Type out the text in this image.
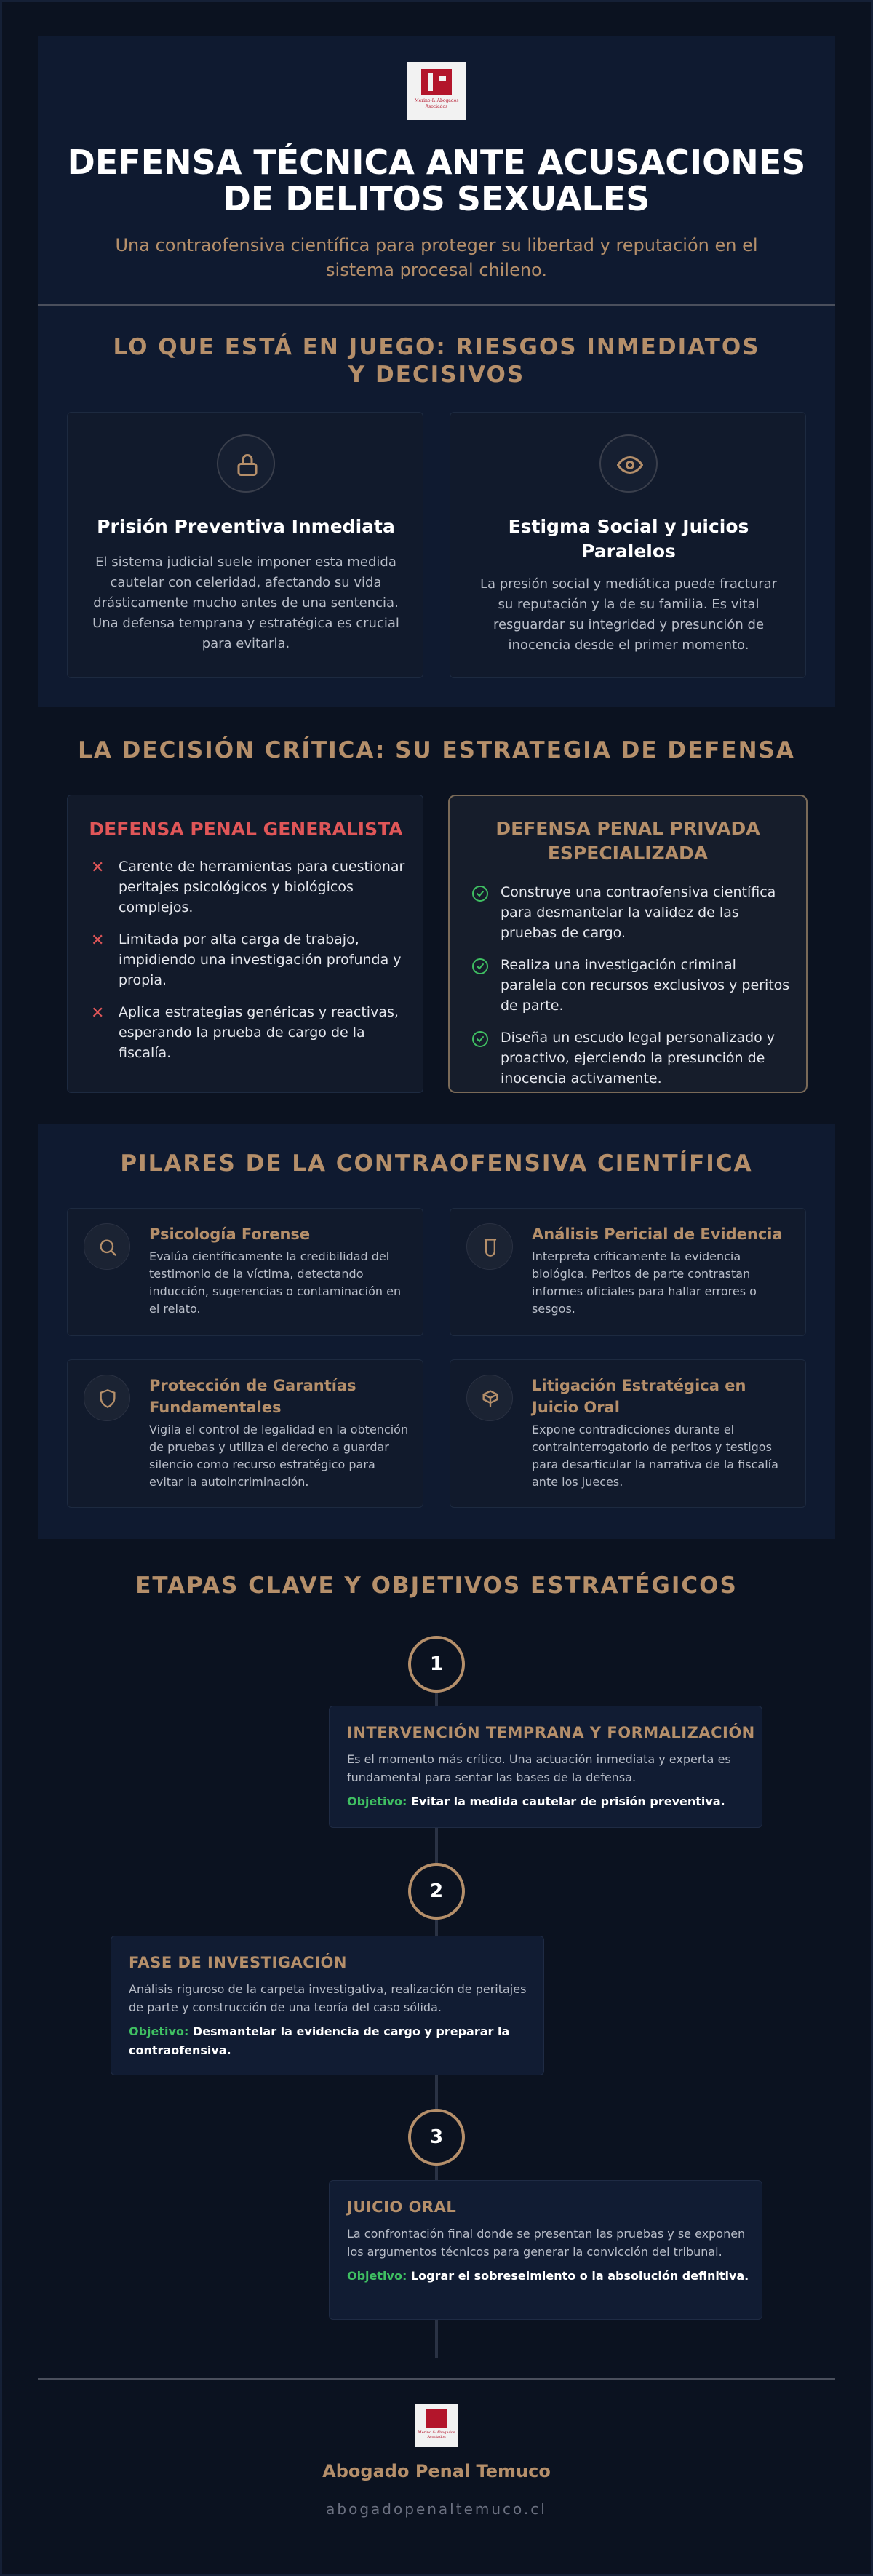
Merino & Abogados Asociados
DEFENSA TÉCNICA ANTE ACUSACIONES DE DELITOS SEXUALES
Una contraofensiva científica para proteger su libertad y reputación en el sistema procesal chileno.
LO QUE ESTÁ EN JUEGO: RIESGOS INMEDIATOS Y DECISIVOS
Prisión Preventiva Inmediata

El sistema judicial suele imponer esta medida cautelar con celeridad, afectando su vida drásticamente mucho antes de una sentencia. Una defensa temprana y estratégica es crucial para evitarla.

Estigma Social y Juicios Paralelos

La presión social y mediática puede fracturar su reputación y la de su familia. Es vital resguardar su integridad y presunción de inocencia desde el primer momento.

LA DECISIÓN CRÍTICA: SU ESTRATEGIA DE DEFENSA
DEFENSA PENAL GENERALISTA
✕ Carente de herramientas para cuestionar peritajes psicológicos y biológicos complejos.
✕ Limitada por alta carga de trabajo, impidiendo una investigación profunda y propia.
✕ Aplica estrategias genéricas y reactivas, esperando la prueba de cargo de la fiscalía.
DEFENSA PENAL PRIVADA ESPECIALIZADA
Construye una contraofensiva científica para desmantelar la validez de las pruebas de cargo.
Realiza una investigación criminal paralela con recursos exclusivos y peritos de parte.
Diseña un escudo legal personalizado y proactivo, ejerciendo la presunción de inocencia activamente.
PILARES DE LA CONTRAOFENSIVA CIENTÍFICA
Psicología Forense

Evalúa científicamente la credibilidad del testimonio de la víctima, detectando inducción, sugerencias o contaminación en el relato.

Análisis Pericial de Evidencia

Interpreta críticamente la evidencia biológica. Peritos de parte contrastan informes oficiales para hallar errores o sesgos.

Protección de Garantías Fundamentales

Vigila el control de legalidad en la obtención de pruebas y utiliza el derecho a guardar silencio como recurso estratégico para evitar la autoincriminación.

Litigación Estratégica en Juicio Oral

Expone contradicciones durante el contrainterrogatorio de peritos y testigos para desarticular la narrativa de la fiscalía ante los jueces.

ETAPAS CLAVE Y OBJETIVOS ESTRATÉGICOS
1
INTERVENCIÓN TEMPRANA Y FORMALIZACIÓN

Es el momento más crítico. Una actuación inmediata y experta es fundamental para sentar las bases de la defensa.

Objetivo: Evitar la medida cautelar de prisión preventiva.
2
FASE DE INVESTIGACIÓN

Análisis riguroso de la carpeta investigativa, realización de peritajes de parte y construcción de una teoría del caso sólida.

Objetivo: Desmantelar la evidencia de cargo y preparar la contraofensiva.
3
JUICIO ORAL

La confrontación final donde se presentan las pruebas y se exponen los argumentos técnicos para generar la convicción del tribunal.

Objetivo: Lograr el sobreseimiento o la absolución definitiva.
Merino & Abogados Asociados
Abogado Penal Temuco
abogadopenaltemuco.cl
